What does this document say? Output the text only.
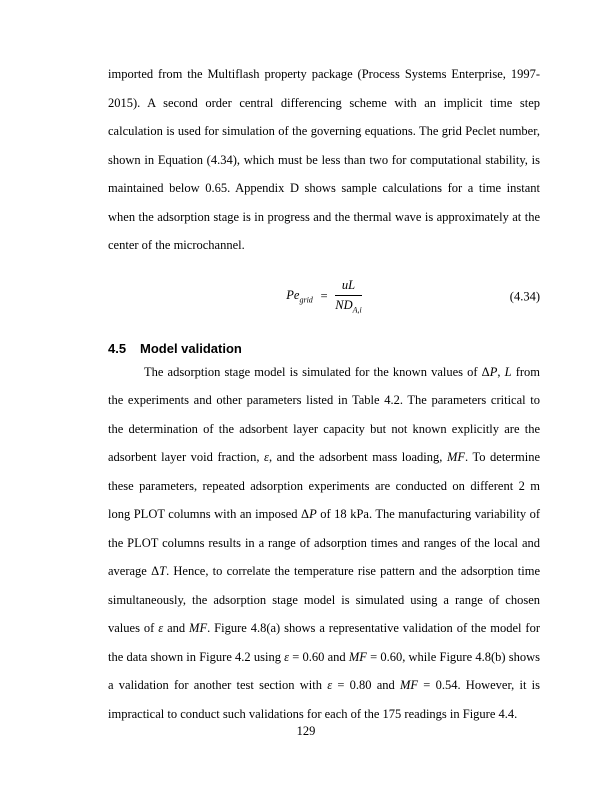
imported from the Multiflash property package (Process Systems Enterprise, 1997-2015). A second order central differencing scheme with an implicit time step calculation is used for simulation of the governing equations. The grid Peclet number, shown in Equation (4.34), which must be less than two for computational stability, is maintained below 0.65. Appendix D shows sample calculations for a time instant when the adsorption stage is in progress and the thermal wave is approximately at the center of the microchannel.

$Pe_{grid} = \frac{uL}{ND_{A,i}}$	(4.34)
4.5	Model validation

The adsorption stage model is simulated for the known values of ΔP, L from the experiments and other parameters listed in Table 4.2. The parameters critical to the determination of the adsorbent layer capacity but not known explicitly are the adsorbent layer void fraction, ε, and the adsorbent mass loading, MF. To determine these parameters, repeated adsorption experiments are conducted on different 2 m long PLOT columns with an imposed ΔP of 18 kPa. The manufacturing variability of the PLOT columns results in a range of adsorption times and ranges of the local and average ΔT. Hence, to correlate the temperature rise pattern and the adsorption time simultaneously, the adsorption stage model is simulated using a range of chosen values of ε and MF. Figure 4.8(a) shows a representative validation of the model for the data shown in Figure 4.2 using ε = 0.60 and MF = 0.60, while Figure 4.8(b) shows a validation for another test section with ε = 0.80 and MF = 0.54. However, it is impractical to conduct such validations for each of the 175 readings in Figure 4.4.

129
